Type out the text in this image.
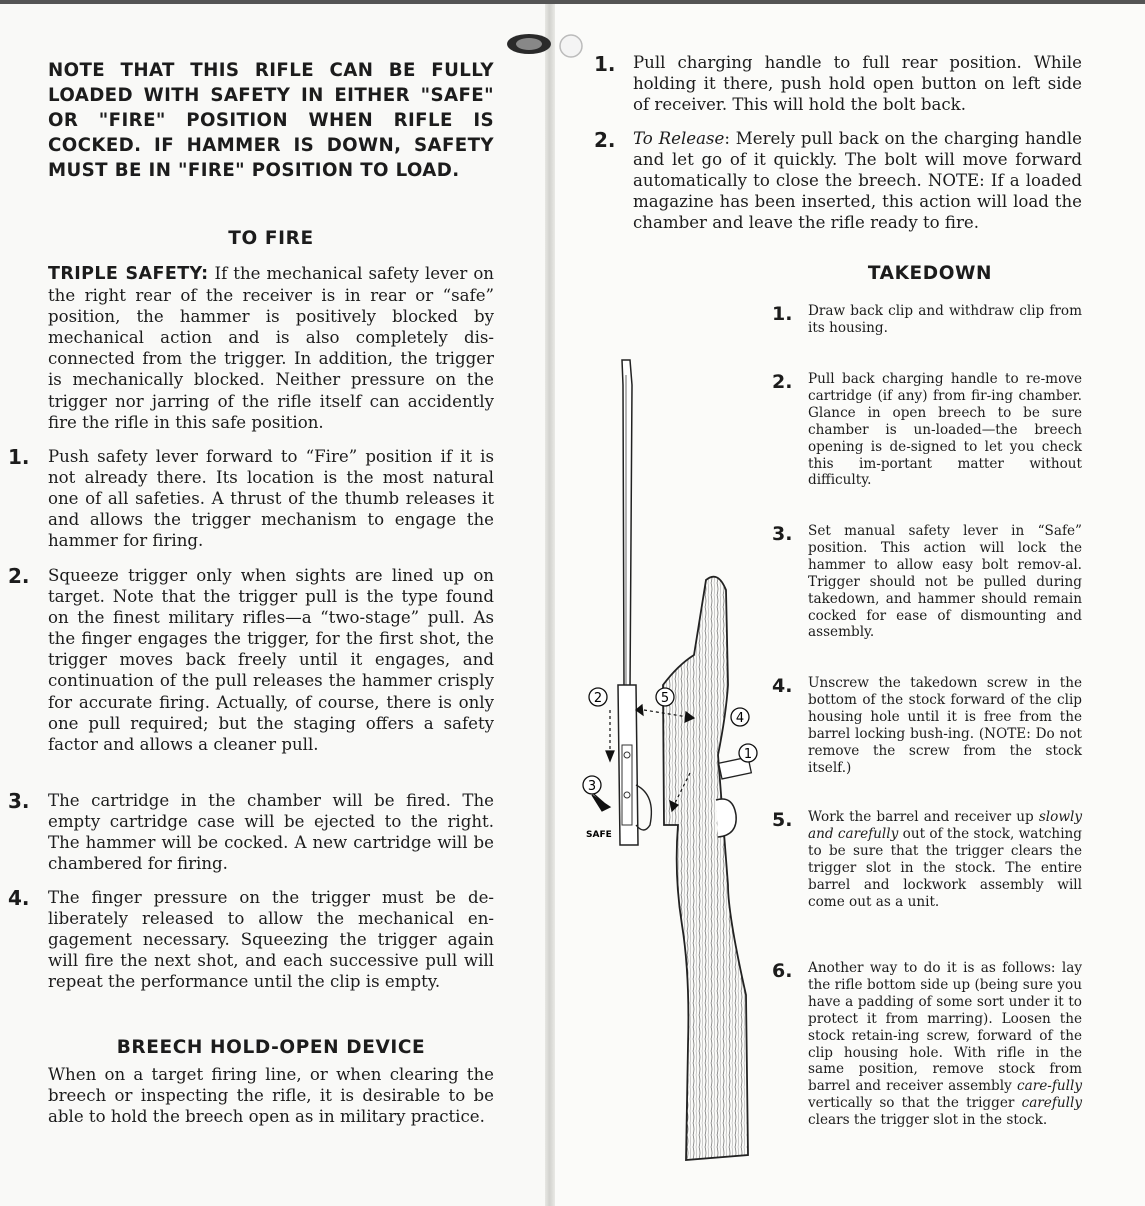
NOTE THAT THIS RIFLE CAN BE FULLY
LOADED WITH SAFETY IN EITHER "SAFE"
OR "FIRE" POSITION WHEN RIFLE IS
COCKED. IF HAMMER IS DOWN, SAFETY
MUST BE IN "FIRE" POSITION TO LOAD.
TO FIRE
TRIPLE SAFETY: If the mechanical safety lever on the right rear of the receiver is in rear or “safe” position, the hammer is positively blocked by mechanical action and is also completely dis-connected from the trigger. In addition, the trigger is mechanically blocked. Neither pressure on the trigger nor jarring of the rifle itself can accidently fire the rifle in this safe position.
1. Push safety lever forward to “Fire” position if it is not already there. Its location is the most natural one of all safeties. A thrust of the thumb releases it and allows the trigger mechanism to engage the hammer for firing.
2. Squeeze trigger only when sights are lined up on target. Note that the trigger pull is the type found on the finest military rifles—a “two-stage” pull. As the finger engages the trigger, for the first shot, the trigger moves back freely until it engages, and continuation of the pull releases the hammer crisply for accurate firing. Actually, of course, there is only one pull required; but the staging offers a safety factor and allows a cleaner pull.
3. The cartridge in the chamber will be fired. The empty cartridge case will be ejected to the right. The hammer will be cocked. A new cartridge will be chambered for firing.
4. The finger pressure on the trigger must be de-liberately released to allow the mechanical en-gagement necessary. Squeezing the trigger again will fire the next shot, and each successive pull will repeat the performance until the clip is empty.
BREECH HOLD-OPEN DEVICE
When on a target firing line, or when clearing the breech or inspecting the rifle, it is desirable to be able to hold the breech open as in military practice.
1. Pull charging handle to full rear position. While holding it there, push hold open button on left side of receiver. This will hold the bolt back.
2. To Release: Merely pull back on the charging handle and let go of it quickly. The bolt will move forward automatically to close the breech. NOTE: If a loaded magazine has been inserted, this action will load the chamber and leave the rifle ready to fire.
TAKEDOWN
1. Draw back clip and withdraw clip from its housing.
2. Pull back charging handle to re-move cartridge (if any) from fir-ing chamber. Glance in open breech to be sure chamber is un-loaded—the breech opening is de-signed to let you check this im-portant matter without difficulty.
3. Set manual safety lever in “Safe” position. This action will lock the hammer to allow easy bolt remov-al. Trigger should not be pulled during takedown, and hammer should remain cocked for ease of dismounting and assembly.
4. Unscrew the takedown screw in the bottom of the stock forward of the clip housing hole until it is free from the barrel locking bush-ing. (NOTE: Do not remove the screw from the stock itself.)
5. Work the barrel and receiver up slowly and carefully out of the stock, watching to be sure that the trigger clears the trigger slot in the stock. The entire barrel and lockwork assembly will come out as a unit.
6. Another way to do it is as follows: lay the rifle bottom side up (being sure you have a padding of some sort under it to protect it from marring). Loosen the stock retain-ing screw, forward of the clip housing hole. With rifle in the same position, remove stock from barrel and receiver assembly care-fully vertically so that the trigger carefully clears the trigger slot in the stock.
2	5
4
1
3
SAFE
